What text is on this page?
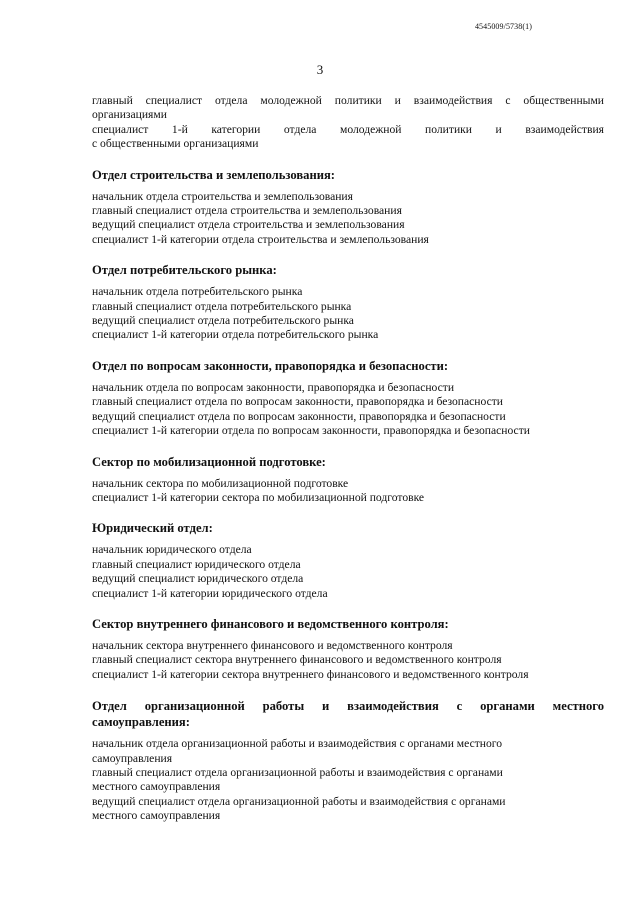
4545009/5738(1)
3
главный специалист отдела молодежной политики и взаимодействия с общественными
организациями
специалист 1-й категории отдела молодежной политики и взаимодействия
с общественными организациями
Отдел строительства и землепользования:
начальник отдела строительства и землепользования
главный специалист отдела строительства и землепользования
ведущий специалист отдела строительства и землепользования
специалист 1-й категории отдела строительства и землепользования
Отдел потребительского рынка:
начальник отдела потребительского рынка
главный специалист отдела потребительского рынка
ведущий специалист отдела потребительского рынка
специалист 1-й категории отдела потребительского рынка
Отдел по вопросам законности, правопорядка и безопасности:
начальник отдела по вопросам законности, правопорядка и безопасности
главный специалист отдела по вопросам законности, правопорядка и безопасности
ведущий специалист отдела по вопросам законности, правопорядка и безопасности
специалист 1-й категории отдела по вопросам законности, правопорядка и безопасности
Сектор по мобилизационной подготовке:
начальник сектора по мобилизационной подготовке
специалист 1-й категории сектора по мобилизационной подготовке
Юридический отдел:
начальник юридического отдела
главный специалист юридического отдела
ведущий специалист юридического отдела
специалист 1-й категории юридического отдела
Сектор внутреннего финансового и ведомственного контроля:
начальник сектора внутреннего финансового и ведомственного контроля
главный специалист сектора внутреннего финансового и ведомственного контроля
специалист 1-й категории сектора внутреннего финансового и ведомственного контроля
Отдел организационной работы и взаимодействия с органами местного самоуправления:
начальник отдела организационной работы и взаимодействия с органами местного
самоуправления
главный специалист отдела организационной работы и взаимодействия с органами
местного самоуправления
ведущий специалист отдела организационной работы и взаимодействия с органами
местного самоуправления
